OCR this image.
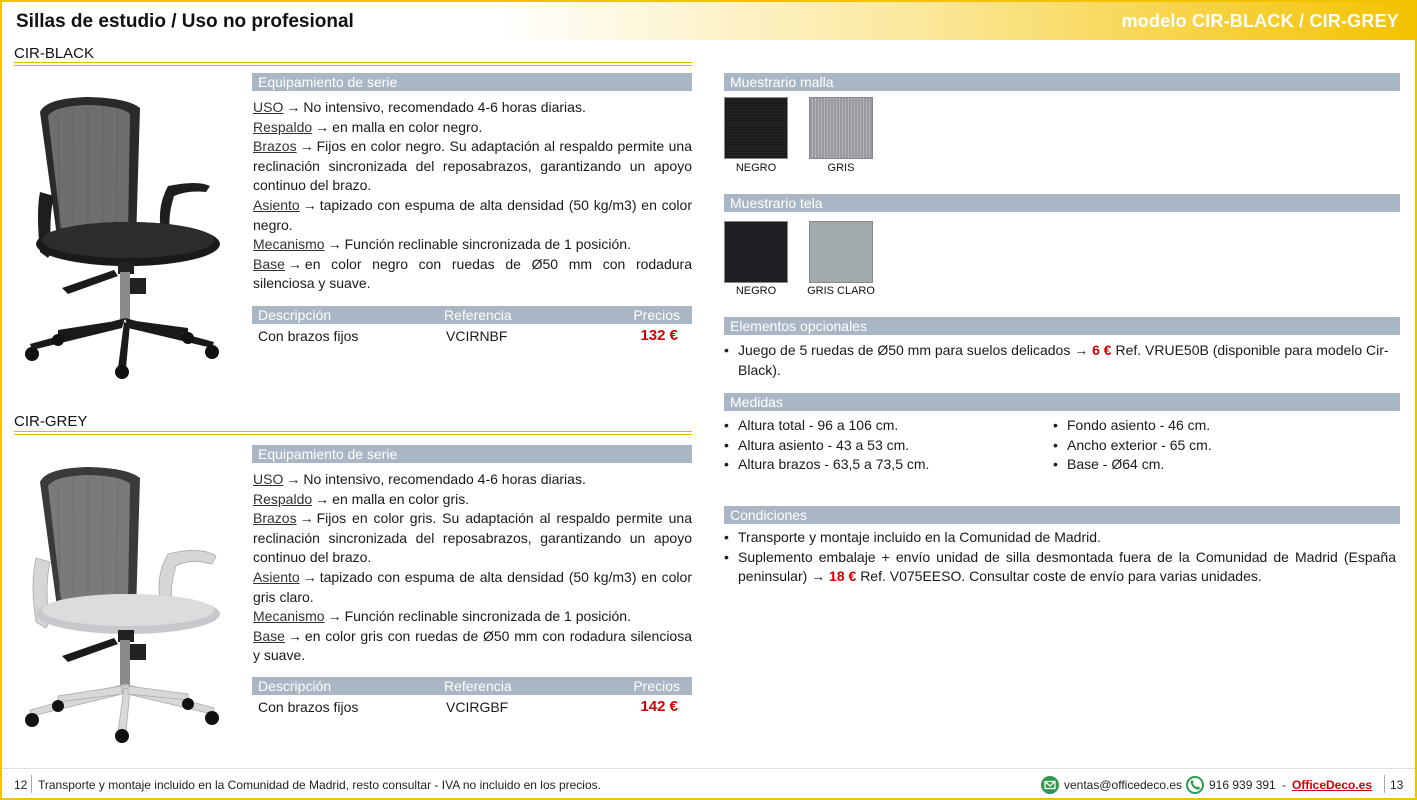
Sillas de estudio / Uso no profesional	modelo CIR-BLACK / CIR-GREY
CIR-BLACK
Equipamiento de serie
USO → No intensivo, recomendado 4-6 horas diarias.
Respaldo → en malla en color negro.
Brazos → Fijos en color negro. Su adaptación al respaldo permite una reclinación sincronizada del reposabrazos, garantizando un apoyo continuo del brazo.
Asiento → tapizado con espuma de alta densidad (50 kg/m3) en color negro.
Mecanismo → Función reclinable sincronizada de 1 posición.
Base → en color negro con ruedas de Ø50 mm con rodadura silenciosa y suave.
Descripción	Referencia	Precios
Con brazos fijos	VCIRNBF	132 €
CIR-GREY
Equipamiento de serie
USO → No intensivo, recomendado 4-6 horas diarias.
Respaldo → en malla en color gris.
Brazos → Fijos en color gris. Su adaptación al respaldo permite una reclinación sincronizada del reposabrazos, garantizando un apoyo continuo del brazo.
Asiento → tapizado con espuma de alta densidad (50 kg/m3) en color gris claro.
Mecanismo → Función reclinable sincronizada de 1 posición.
Base → en color gris con ruedas de Ø50 mm con rodadura silenciosa y suave.
Descripción	Referencia	Precios
Con brazos fijos	VCIRGBF	142 €
Muestrario malla
NEGRO	GRIS
Muestrario tela
NEGRO	GRIS CLARO
Elementos opcionales
• Juego de 5 ruedas de Ø50 mm para suelos delicados → 6 € Ref. VRUE50B (disponible para modelo Cir-Black).
Medidas
• Altura total - 96 a 106 cm.
• Altura asiento - 43 a 53 cm.
• Altura brazos - 63,5 a 73,5 cm.
• Fondo asiento - 46 cm.
• Ancho exterior - 65 cm.
• Base - Ø64 cm.
Condiciones
• Transporte y montaje incluido en la Comunidad de Madrid.
• Suplemento embalaje + envío unidad de silla desmontada fuera de la Comunidad de Madrid (España peninsular) → 18 € Ref. V075EESO. Consultar coste de envío para varias unidades.
12 Transporte y montaje incluido en la Comunidad de Madrid, resto consultar - IVA no incluido en los precios.	ventas@officedeco.es 916 939 391 - OfficeDeco.es 13
